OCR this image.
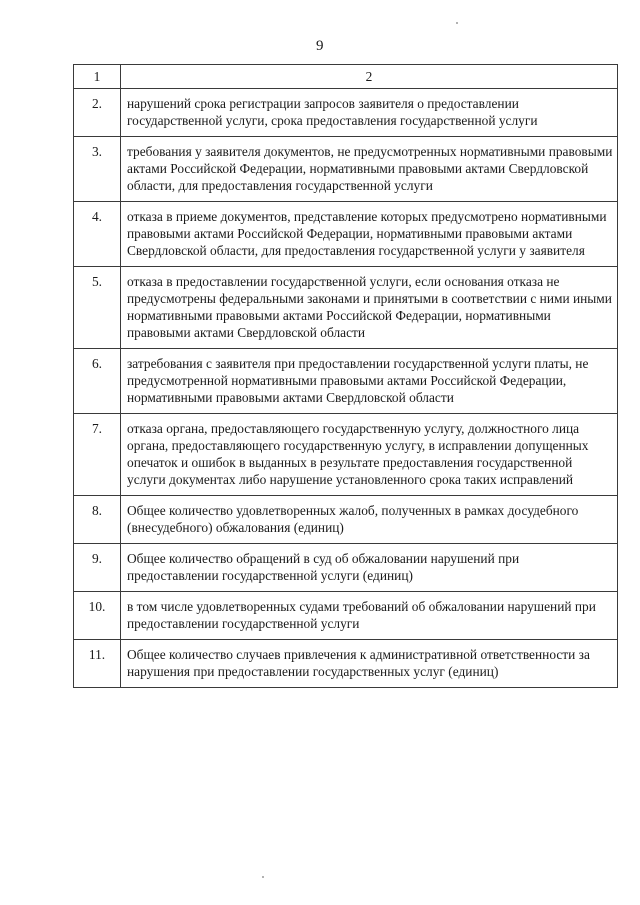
9
1	2
2.	нарушений срока регистрации запросов заявителя о предоставлении государственной услуги, срока предоставления государственной услуги
3.	требования у заявителя документов, не предусмотренных нормативными правовыми актами Российской Федерации, нормативными правовыми актами Свердловской области, для предоставления государственной услуги
4.	отказа в приеме документов, представление которых предусмотрено нормативными правовыми актами Российской Федерации, нормативными правовыми актами Свердловской области, для предоставления государственной услуги у заявителя
5.	отказа в предоставлении государственной услуги, если основания отказа не предусмотрены федеральными законами и принятыми в соответствии с ними иными нормативными правовыми актами Российской Федерации, нормативными правовыми актами Свердловской области
6.	затребования с заявителя при предоставлении государственной услуги платы, не предусмотренной нормативными правовыми актами Российской Федерации, нормативными правовыми актами Свердловской области
7.	отказа органа, предоставляющего государственную услугу, должностного лица органа, предоставляющего государственную услугу, в исправлении допущенных опечаток и ошибок в выданных в результате предоставления государственной услуги документах либо нарушение установленного срока таких исправлений
8.	Общее количество удовлетворенных жалоб, полученных в рамках досудебного (внесудебного) обжалования (единиц)
9.	Общее количество обращений в суд об обжаловании нарушений при предоставлении государственной услуги (единиц)
10.	в том числе удовлетворенных судами требований об обжаловании нарушений при предоставлении государственной услуги
11.	Общее количество случаев привлечения к административной ответственности за нарушения при предоставлении государственных услуг (единиц)
